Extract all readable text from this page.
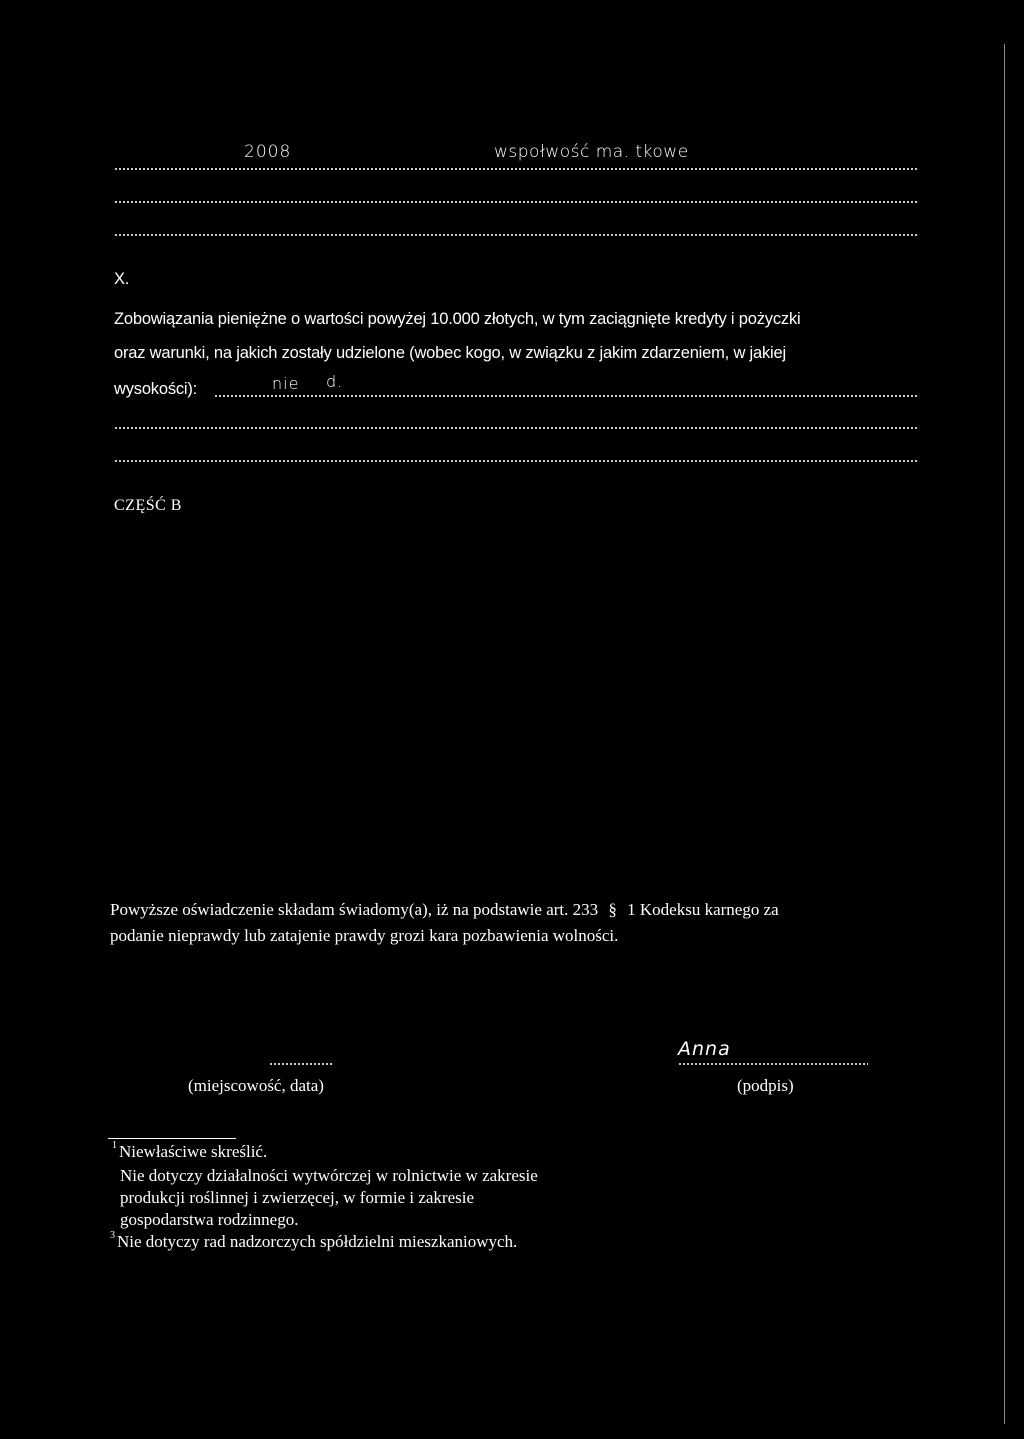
2008	wspołwość ma. tkowe
X.
Zobowiązania pieniężne o wartości powyżej 10.000 złotych, w tym zaciągnięte kredyty i pożyczki
oraz warunki, na jakich zostały udzielone (wobec kogo, w związku z jakim zdarzeniem, w jakiej
wysokości):	nie d.
CZĘŚĆ B
Powyższe oświadczenie składam świadomy(a), iż na podstawie art. 233 § 1 Kodeksu karnego za
podanie nieprawdy lub zatajenie prawdy grozi kara pozbawienia wolności.
(miejscowość, data)
Anna
(podpis)
$^1$ Niewłaściwe skreślić.
Nie dotyczy działalności wytwórczej w rolnictwie w zakresie
produkcji roślinnej i zwierzęcej, w formie i zakresie
gospodarstwa rodzinnego.
$^3$ Nie dotyczy rad nadzorczych spółdzielni mieszkaniowych.
